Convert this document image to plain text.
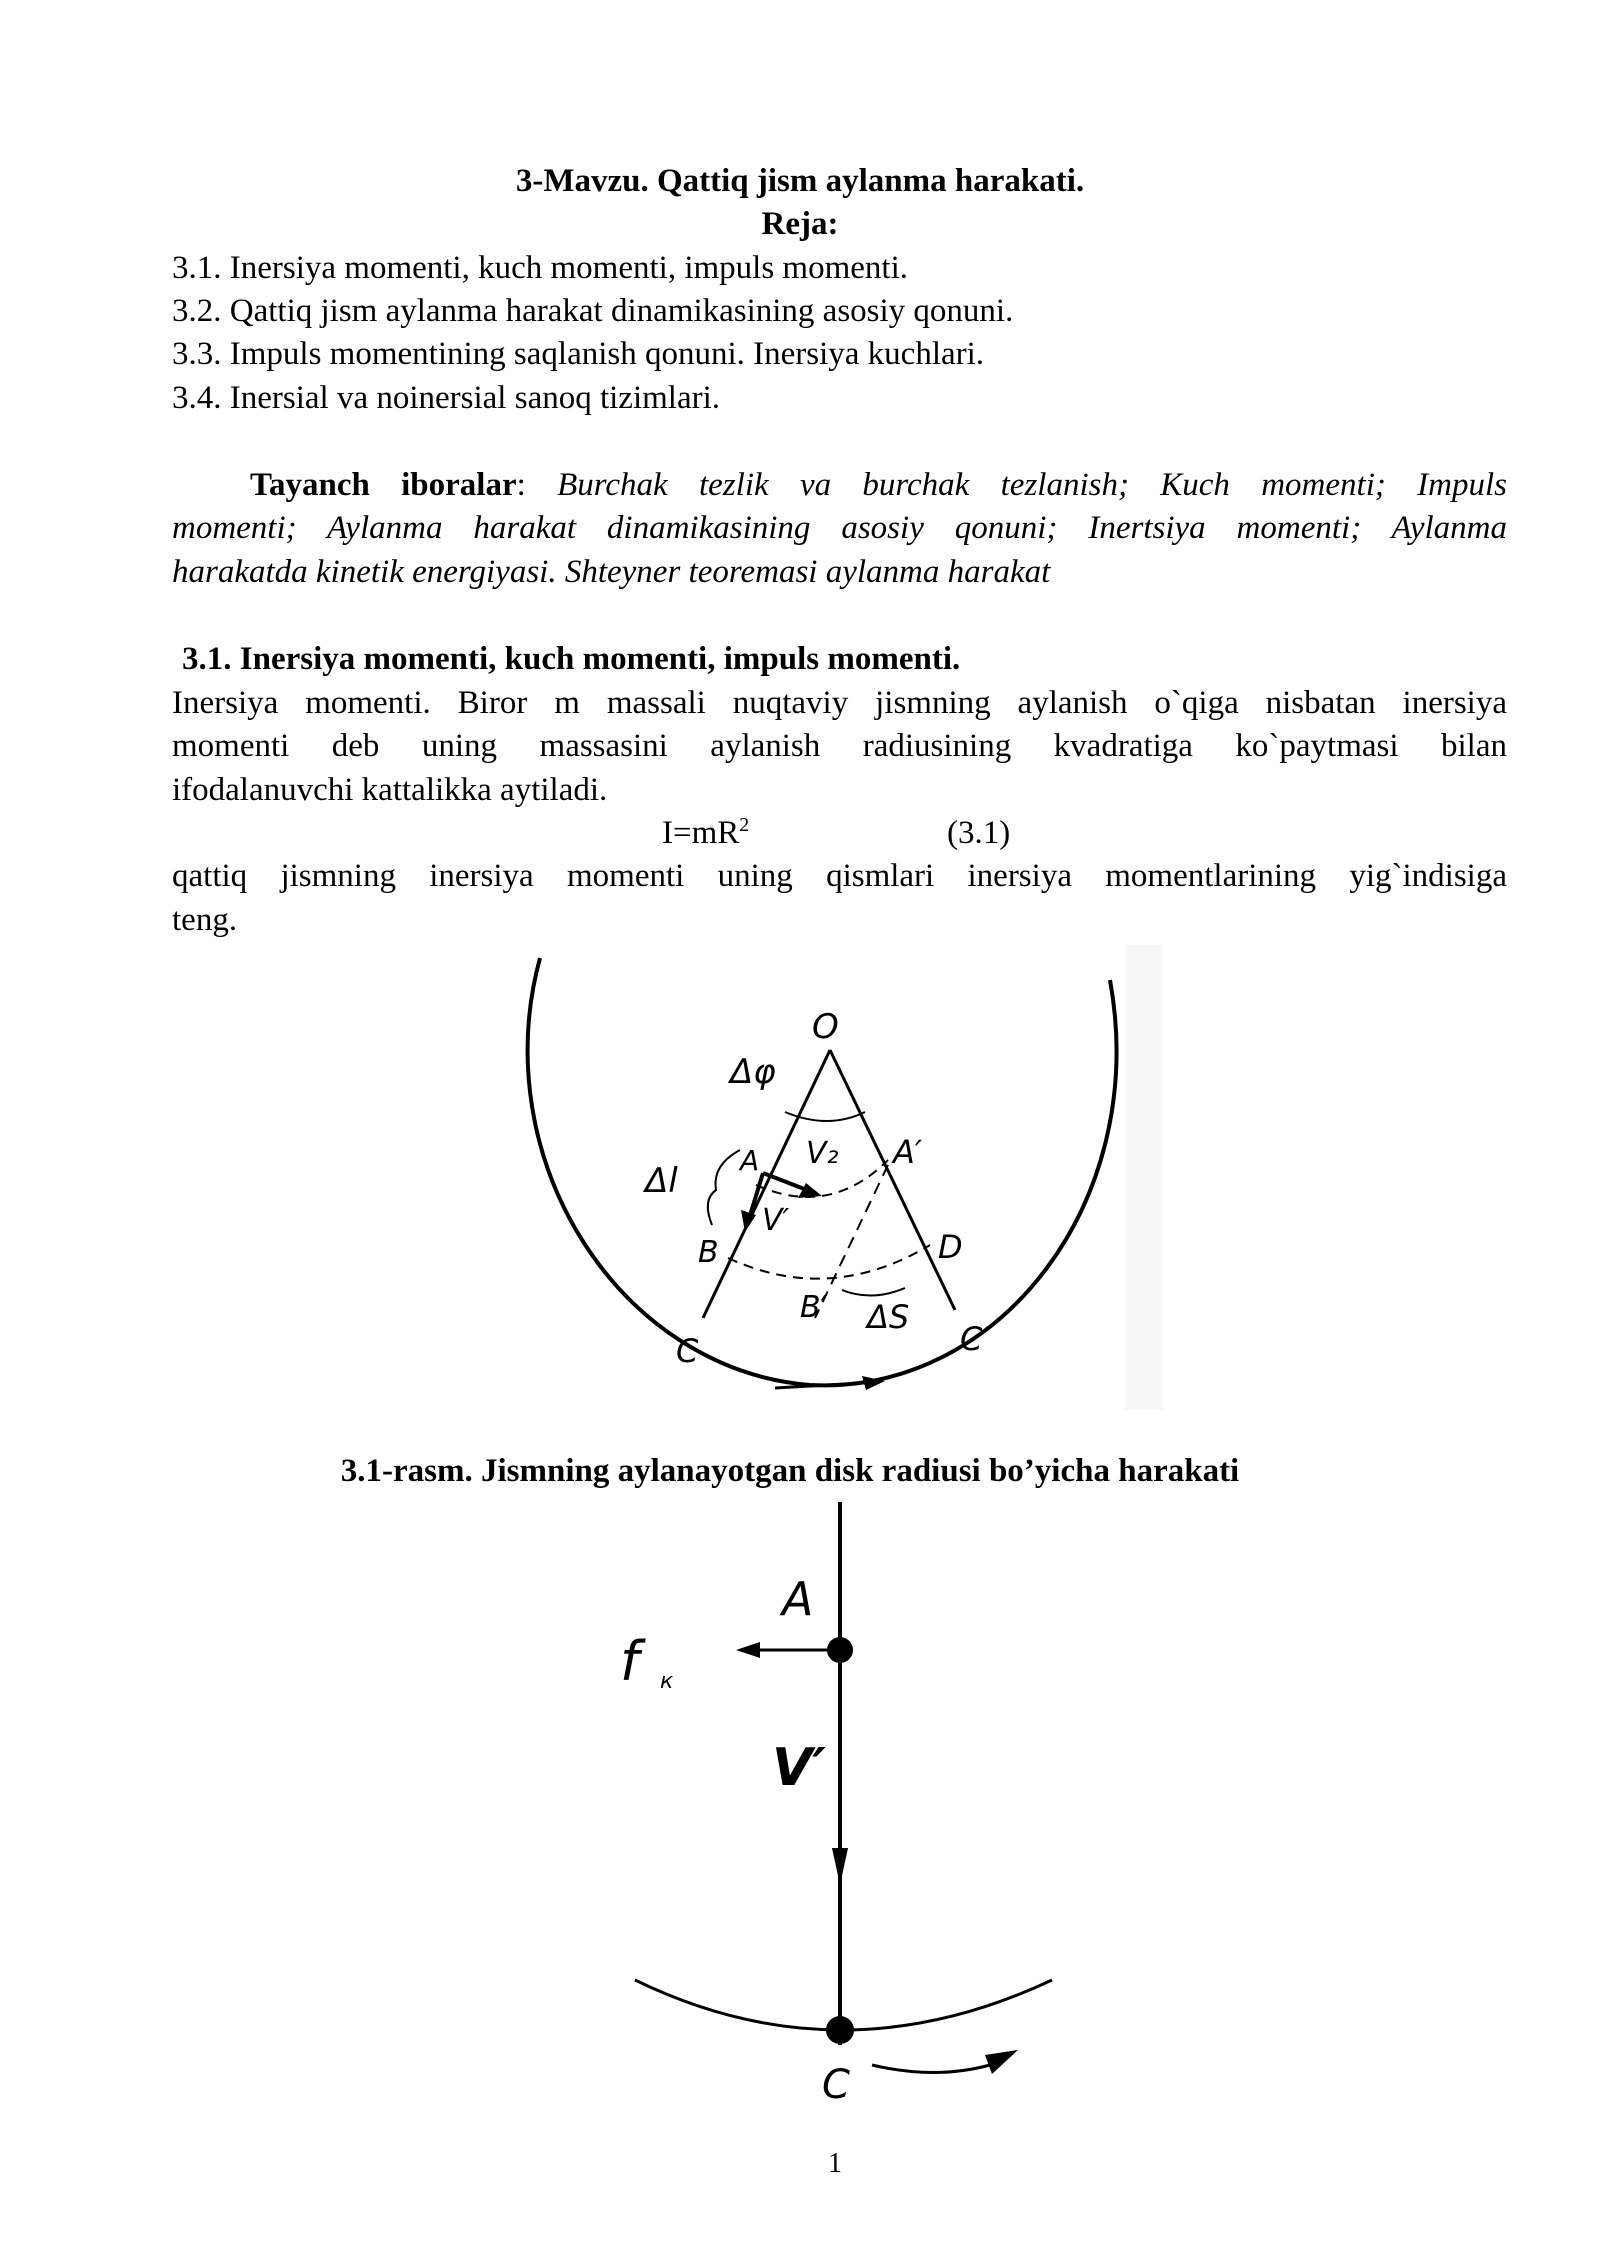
3-Mavzu. Qattiq jism aylanma harakati.
Reja:
3.1. Inersiya momenti, kuch momenti, impuls momenti.
3.2. Qattiq jism aylanma harakat dinamikasining asosiy qonuni.
3.3. Impuls momentining saqlanish qonuni. Inersiya kuchlari.
3.4. Inersial va noinersial sanoq tizimlari.
Tayanch iboralar: Burchak tezlik va burchak tezlanish; Kuch momenti; Impuls
momenti; Aylanma harakat dinamikasining asosiy qonuni; Inertsiya momenti; Aylanma
harakatda kinetik energiyasi. Shteyner teoremasi aylanma harakat
3.1. Inersiya momenti, kuch momenti, impuls momenti.
Inersiya momenti. Biror m massali nuqtaviy jismning aylanish o`qiga nisbatan inersiya
momenti deb uning massasini aylanish radiusining kvadratiga ko`paytmasi bilan
ifodalanuvchi kattalikka aytiladi.
$I=mR^2$	(3.1)
qattiq jismning inersiya momenti uning qismlari inersiya momentlarining yig`indisiga
teng.
O
Δφ
A	A′
V₂
V′
Δl
B	D
B′ ΔS
C	C′
3.1-rasm. Jismning aylanayotgan disk radiusi bo’yicha harakati
A
f к
V′
C
1
